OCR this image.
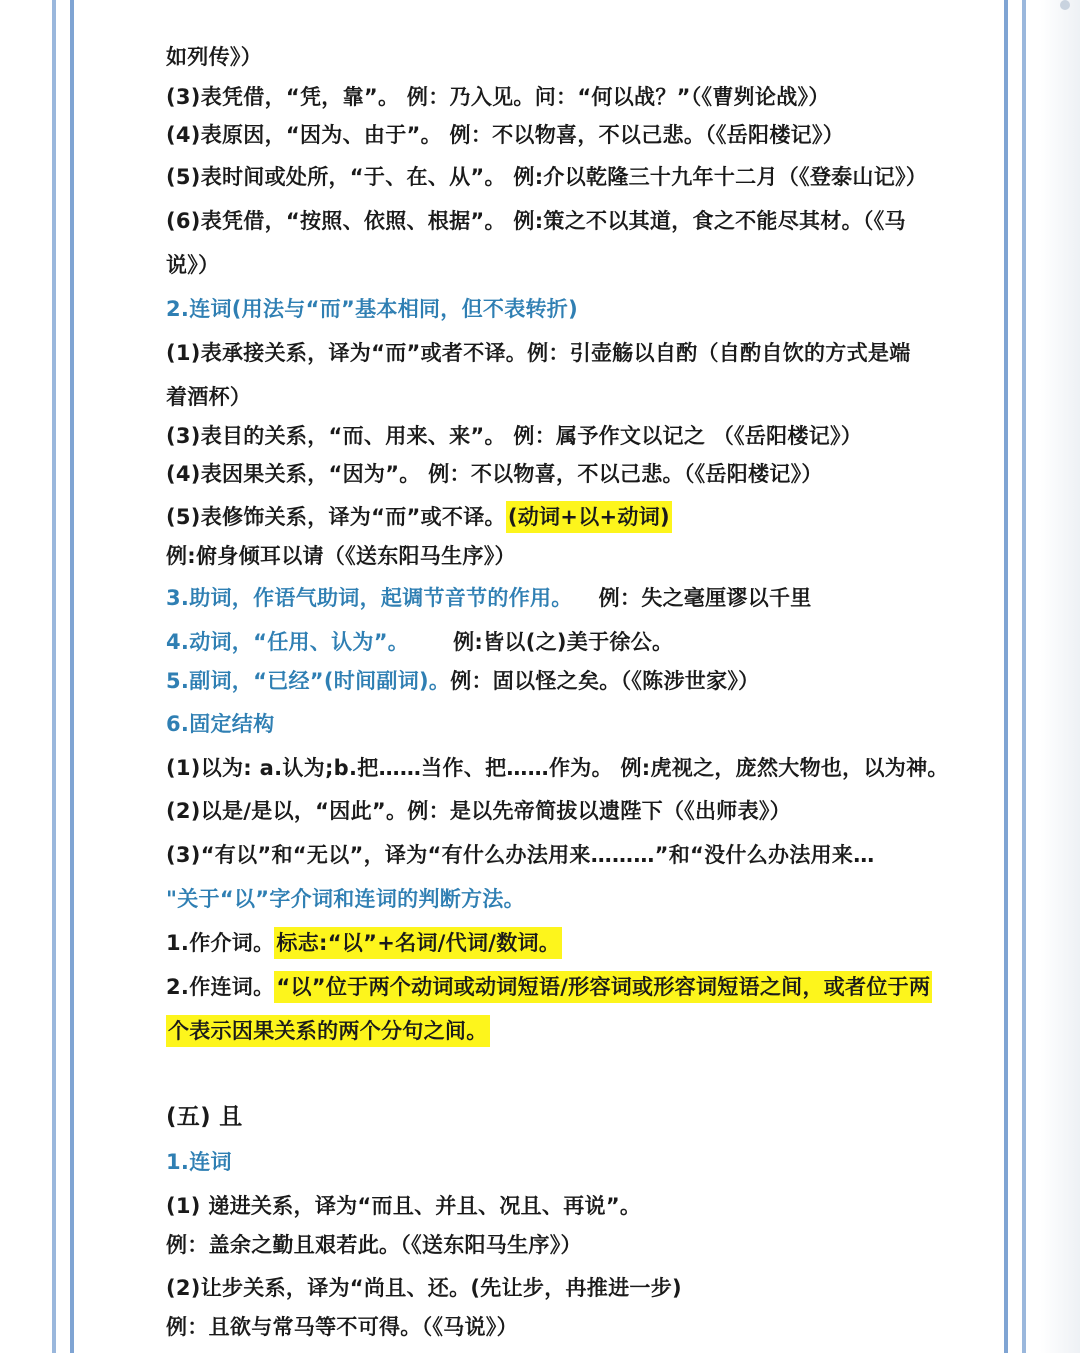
如列传》）
(3)表凭借，“凭，靠”。 例：乃入见。问：“何以战？”（《曹刿论战》）
(4)表原因，“因为、由于”。 例：不以物喜，不以己悲。（《岳阳楼记》）
(5)表时间或处所，“于、在、从”。 例:介以乾隆三十九年十二月（《登泰山记》）
(6)表凭借，“按照、依照、根据”。 例:策之不以其道，食之不能尽其材。（《马
说》）
2.连词(用法与“而”基本相同，但不表转折)
(1)表承接关系，译为“而”或者不译。例：引壶觞以自酌（自酌自饮的方式是端
着酒杯）
(3)表目的关系，“而、用来、来”。 例：属予作文以记之 （《岳阳楼记》）
(4)表因果关系，“因为”。 例：不以物喜，不以己悲。（《岳阳楼记》）
(5)表修饰关系，译为“而”或不译。(动词+以+动词)
例:俯身倾耳以请（《送东阳马生序》）
3.助词，作语气助词，起调节音节的作用。 例：失之毫厘谬以千里
4.动词，“任用、认为”。 例:皆以(之)美于徐公。
5.副词，“已经”(时间副词)。例：固以怪之矣。（《陈涉世家》）
6.固定结构
(1)以为: a.认为;b.把……当作、把……作为。 例:虎视之，庞然大物也，以为神。
(2)以是/是以，“因此”。例：是以先帝简拔以遗陛下（《出师表》）
(3)“有以”和“无以”，译为“有什么办法用来………”和“没什么办法用来…
"关于“以”字介词和连词的判断方法。
1.作介词。标志:“以”+名词/代词/数词。
2.作连词。“以”位于两个动词或动词短语/形容词或形容词短语之间，或者位于两
个表示因果关系的两个分句之间。
(五) 且
1.连词
(1) 递进关系，译为“而且、并且、况且、再说”。
例：盖余之勤且艰若此。（《送东阳马生序》）
(2)让步关系，译为“尚且、还。(先让步，冉推进一步)
例：且欲与常马等不可得。（《马说》）
